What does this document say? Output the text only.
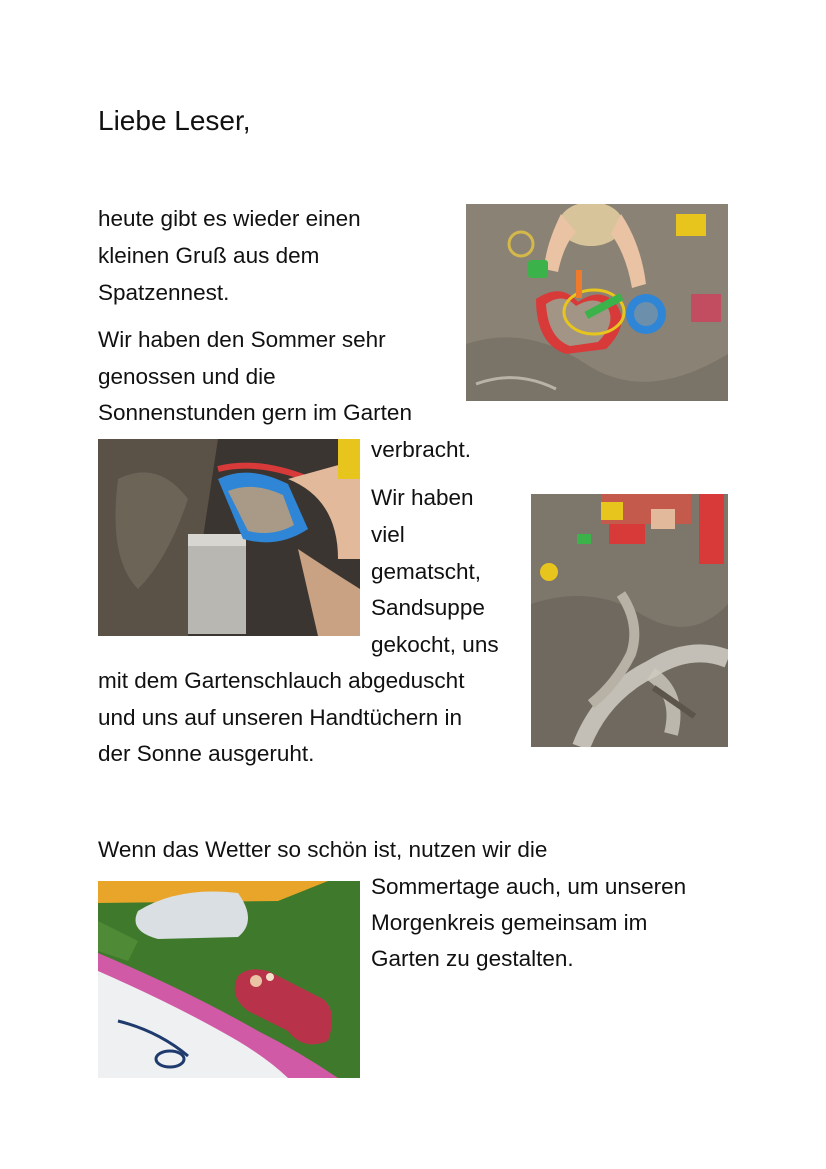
Liebe Leser,
heute gibt es wieder einen
kleinen Gruß aus dem
Spatzennest.
Wir haben den Sommer sehr
genossen und die
Sonnenstunden gern im Garten
verbracht.
Wir haben
viel
gematscht,
Sandsuppe
gekocht, uns
mit dem Gartenschlauch abgeduscht
und uns auf unseren Handtüchern in
der Sonne ausgeruht.
Wenn das Wetter so schön ist, nutzen wir die
Sommertage auch, um unseren
Morgenkreis gemeinsam im
Garten zu gestalten.
